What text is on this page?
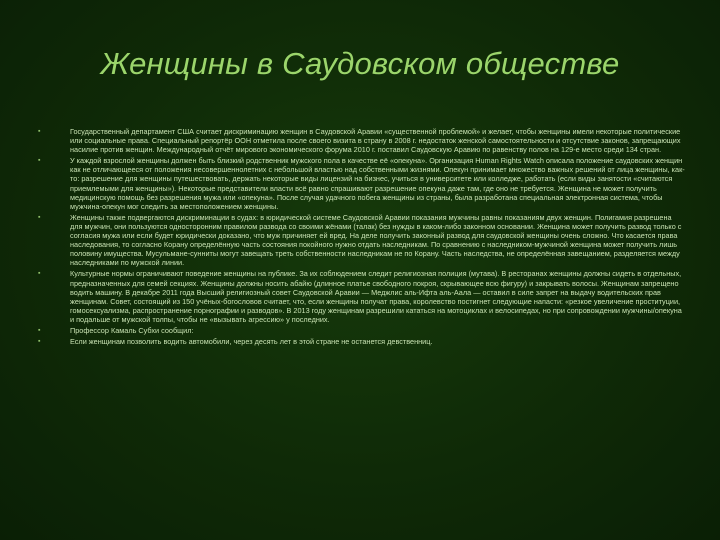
Женщины в Саудовском обществе
▪	Государственный департамент США считает дискриминацию женщин в Саудовской Аравии «существенной проблемой» и желает, чтобы женщины имели некоторые политические или социальные права. Специальный репортёр ООН отметила после своего визита в страну в 2008 г. недостаток женской самостоятельности и отсутствие законов, запрещающих насилие против женщин. Международный отчёт мирового экономического форума 2010 г. поставил Саудовскую Аравию по равенству полов на 129-е место среди 134 стран.
▪	У каждой взрослой женщины должен быть близкий родственник мужского пола в качестве её «опекуна». Организация Human Rights Watch описала положение саудовских женщин как не отличающееся от положения несовершеннолетних с небольшой властью над собственными жизнями. Опекун принимает множество важных решений от лица женщины, как-то: разрешение для женщины путешествовать, держать некоторые виды лицензий на бизнес, учиться в университете или колледже, работать (если виды занятости «считаются приемлемыми для женщины»). Некоторые представители власти всё равно спрашивают разрешение опекуна даже там, где оно не требуется. Женщина не может получить медицинскую помощь без разрешения мужа или «опекуна». После случая удачного побега женщины из страны, была разработана специальная электронная система, чтобы мужчина-опекун мог следить за местоположением женщины.
▪	Женщины также подвергаются дискриминации в судах: в юридической системе Саудовской Аравии показания мужчины равны показаниям двух женщин. Полигамия разрешена для мужчин, они пользуются односторонним правилом развода со своими жёнами (талак) без нужды в каком-либо законном основании. Женщина может получить развод только с согласия мужа или если будет юридически доказано, что муж причиняет ей вред. На деле получить законный развод для саудовской женщины очень сложно. Что касается права наследования, то согласно Корану определённую часть состояния покойного нужно отдать наследникам. По сравнению с наследником-мужчиной женщина может получить лишь половину имущества. Мусульмане-сунниты могут завещать треть собственности наследникам не по Корану. Часть наследства, не определённая завещанием, разделяется между наследниками по мужской линии.
▪	Культурные нормы ограничивают поведение женщины на публике. За их соблюдением следит религиозная полиция (мутава). В ресторанах женщины должны сидеть в отдельных, предназначенных для семей секциях. Женщины должны носить абайю (длинное платье свободного покроя, скрывающее всю фигуру) и закрывать волосы. Женщинам запрещено водить машину. В декабре 2011 года Высший религиозный совет Саудовской Аравии — Меджлис аль-Ифта аль-Аала — оставил в силе запрет на выдачу водительских прав женщинам. Совет, состоящий из 150 учёных-богословов считает, что, если женщины получат права, королевство постигнет следующие напасти: «резкое увеличение проституции, гомосексуализма, распространение порнографии и разводов». В 2013 году женщинам разрешили кататься на мотоциклах и велосипедах, но при сопровождении мужчины/опекуна и подальше от мужской толпы, чтобы не «вызывать агрессию» у последних.
▪	Профессор Камаль Субхи сообщил:
▪	Если женщинам позволить водить автомобили, через десять лет в этой стране не останется девственниц.
